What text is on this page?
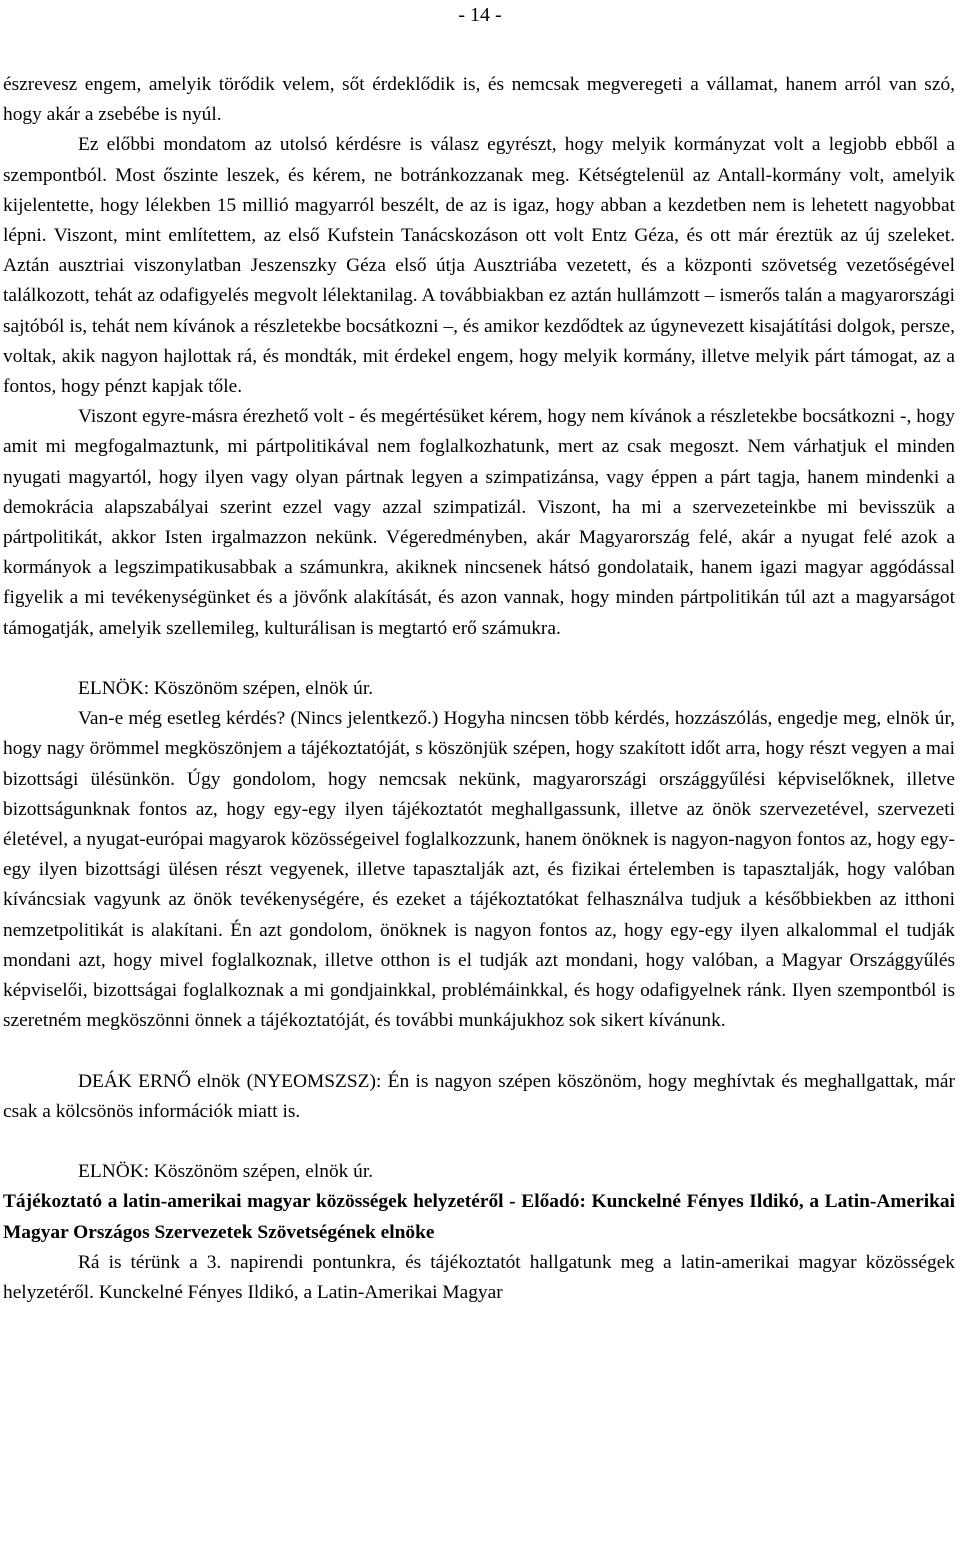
- 14 -

észrevesz engem, amelyik törődik velem, sőt érdeklődik is, és nemcsak megveregeti a vállamat, hanem arról van szó, hogy akár a zsebébe is nyúl.

Ez előbbi mondatom az utolsó kérdésre is válasz egyrészt, hogy melyik kormányzat volt a legjobb ebből a szempontból. Most őszinte leszek, és kérem, ne botránkozzanak meg. Kétségtelenül az Antall-kormány volt, amelyik kijelentette, hogy lélekben 15 millió magyarról beszélt, de az is igaz, hogy abban a kezdetben nem is lehetett nagyobbat lépni. Viszont, mint említettem, az első Kufstein Tanácskozáson ott volt Entz Géza, és ott már éreztük az új szeleket. Aztán ausztriai viszonylatban Jeszenszky Géza első útja Ausztriába vezetett, és a központi szövetség vezetőségével találkozott, tehát az odafigyelés megvolt lélektanilag. A továbbiakban ez aztán hullámzott – ismerős talán a magyarországi sajtóból is, tehát nem kívánok a részletekbe bocsátkozni –, és amikor kezdődtek az úgynevezett kisajátítási dolgok, persze, voltak, akik nagyon hajlottak rá, és mondták, mit érdekel engem, hogy melyik kormány, illetve melyik párt támogat, az a fontos, hogy pénzt kapjak tőle.

Viszont egyre-másra érezhető volt - és megértésüket kérem, hogy nem kívánok a részletekbe bocsátkozni -, hogy amit mi megfogalmaztunk, mi pártpolitikával nem foglalkozhatunk, mert az csak megoszt. Nem várhatjuk el minden nyugati magyartól, hogy ilyen vagy olyan pártnak legyen a szimpatizánsa, vagy éppen a párt tagja, hanem mindenki a demokrácia alapszabályai szerint ezzel vagy azzal szimpatizál. Viszont, ha mi a szervezeteinkbe mi bevisszük a pártpolitikát, akkor Isten irgalmazzon nekünk. Végeredményben, akár Magyarország felé, akár a nyugat felé azok a kormányok a legszimpatikusabbak a számunkra, akiknek nincsenek hátsó gondolataik, hanem igazi magyar aggódással figyelik a mi tevékenységünket és a jövőnk alakítását, és azon vannak, hogy minden pártpolitikán túl azt a magyarságot támogatják, amelyik szellemileg, kulturálisan is megtartó erő számukra.

ELNÖK: Köszönöm szépen, elnök úr.

Van-e még esetleg kérdés? (Nincs jelentkező.) Hogyha nincsen több kérdés, hozzászólás, engedje meg, elnök úr, hogy nagy örömmel megköszönjem a tájékoztatóját, s köszönjük szépen, hogy szakított időt arra, hogy részt vegyen a mai bizottsági ülésünkön. Úgy gondolom, hogy nemcsak nekünk, magyarországi országgyűlési képviselőknek, illetve bizottságunknak fontos az, hogy egy-egy ilyen tájékoztatót meghallgassunk, illetve az önök szervezetével, szervezeti életével, a nyugat-európai magyarok közösségeivel foglalkozzunk, hanem önöknek is nagyon-nagyon fontos az, hogy egy-egy ilyen bizottsági ülésen részt vegyenek, illetve tapasztalják azt, és fizikai értelemben is tapasztalják, hogy valóban kíváncsiak vagyunk az önök tevékenységére, és ezeket a tájékoztatókat felhasználva tudjuk a későbbiekben az itthoni nemzetpolitikát is alakítani. Én azt gondolom, önöknek is nagyon fontos az, hogy egy-egy ilyen alkalommal el tudják mondani azt, hogy mivel foglalkoznak, illetve otthon is el tudják azt mondani, hogy valóban, a Magyar Országgyűlés képviselői, bizottságai foglalkoznak a mi gondjainkkal, problémáinkkal, és hogy odafigyelnek ránk. Ilyen szempontból is szeretném megköszönni önnek a tájékoztatóját, és további munkájukhoz sok sikert kívánunk.

DEÁK ERNŐ elnök (NYEOMSZSZ): Én is nagyon szépen köszönöm, hogy meghívtak és meghallgattak, már csak a kölcsönös információk miatt is.

ELNÖK: Köszönöm szépen, elnök úr.

Tájékoztató a latin-amerikai magyar közösségek helyzetéről - Előadó: Kunckelné Fényes Ildikó, a Latin-Amerikai Magyar Országos Szervezetek Szövetségének elnöke

Rá is térünk a 3. napirendi pontunkra, és tájékoztatót hallgatunk meg a latin-amerikai magyar közösségek helyzetéről. Kunckelné Fényes Ildikó, a Latin-Amerikai Magyar
